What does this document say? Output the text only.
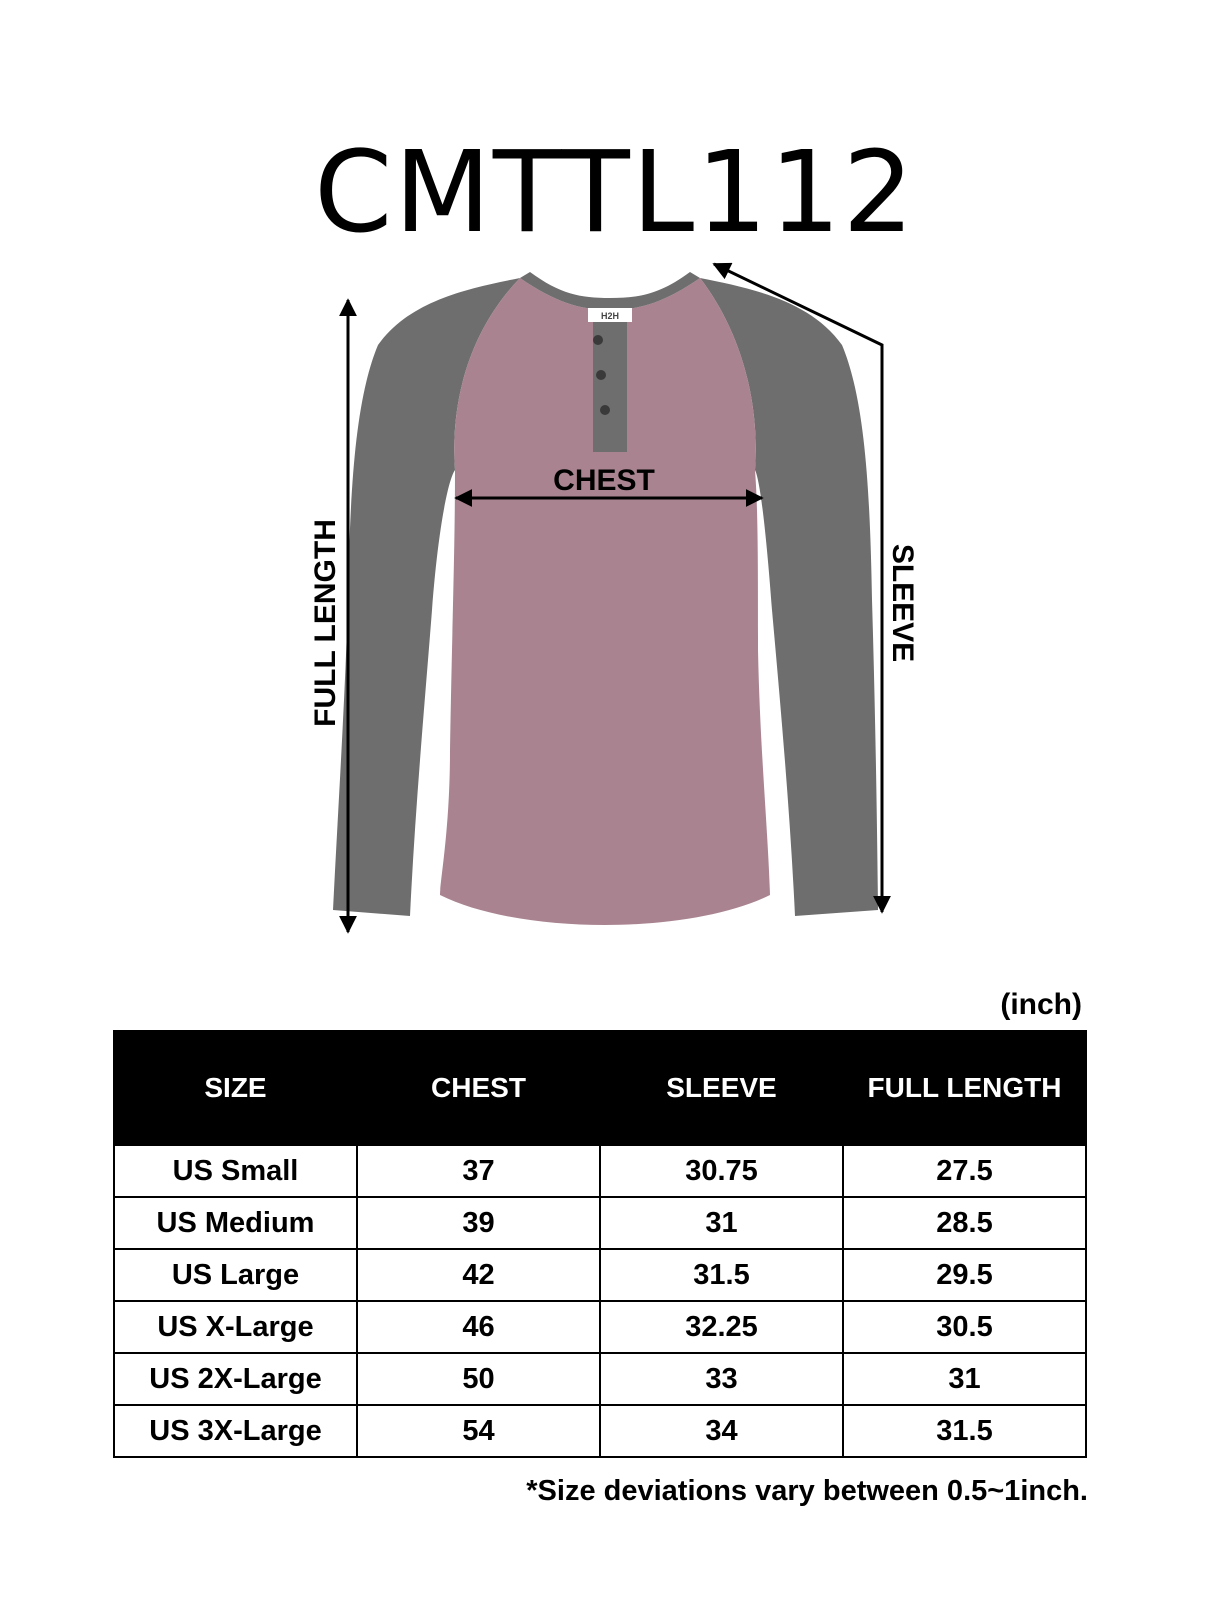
CMTTL112
H2H
CHEST
FULL LENGTH	SLEEVE
(inch)
SIZE	CHEST	SLEEVE	FULL LENGTH
US Small	37	30.75	27.5
US Medium	39	31	28.5
US Large	42	31.5	29.5
US X-Large	46	32.25	30.5
US 2X-Large	50	33	31
US 3X-Large	54	34	31.5
*Size deviations vary between 0.5~1inch.
